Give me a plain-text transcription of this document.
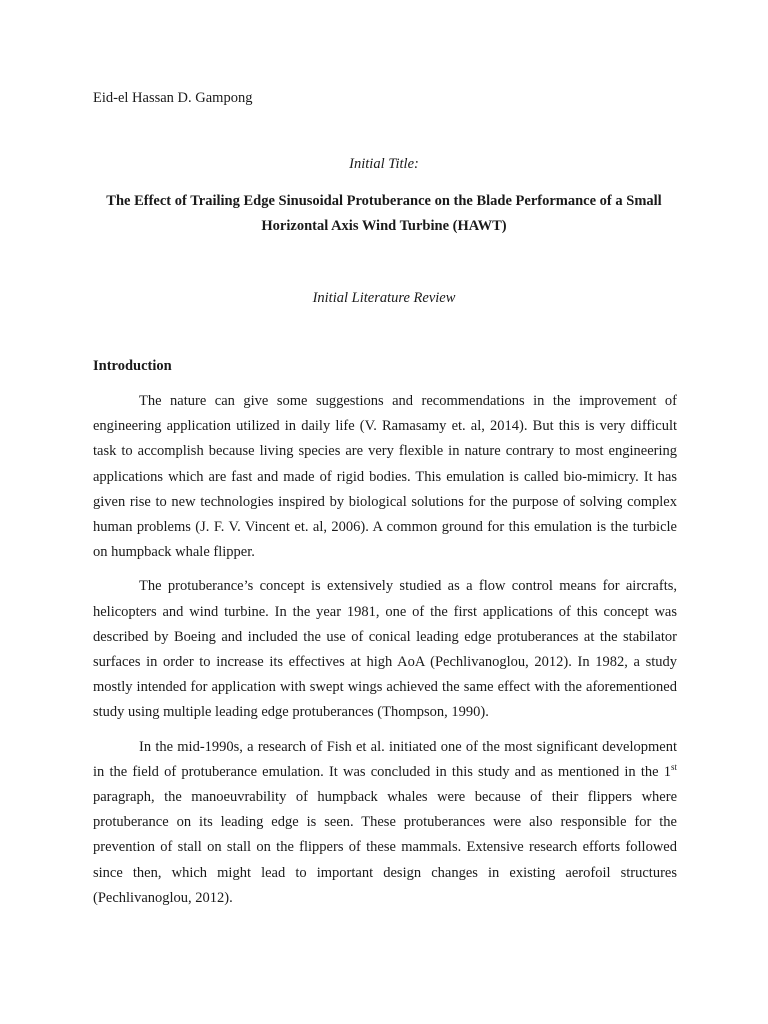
Eid-el Hassan D. Gampong

Initial Title:

The Effect of Trailing Edge Sinusoidal Protuberance on the Blade Performance of a Small Horizontal Axis Wind Turbine (HAWT)

Initial Literature Review

Introduction

The nature can give some suggestions and recommendations in the improvement of engineering application utilized in daily life (V. Ramasamy et. al, 2014). But this is very difficult task to accomplish because living species are very flexible in nature contrary to most engineering applications which are fast and made of rigid bodies. This emulation is called bio-mimicry. It has given rise to new technologies inspired by biological solutions for the purpose of solving complex human problems (J. F. V. Vincent et. al, 2006). A common ground for this emulation is the turbicle on humpback whale flipper.

The protuberance’s concept is extensively studied as a flow control means for aircrafts, helicopters and wind turbine. In the year 1981, one of the first applications of this concept was described by Boeing and included the use of conical leading edge protuberances at the stabilator surfaces in order to increase its effectives at high AoA (Pechlivanoglou, 2012). In 1982, a study mostly intended for application with swept wings achieved the same effect with the aforementioned study using multiple leading edge protuberances (Thompson, 1990).

In the mid-1990s, a research of Fish et al. initiated one of the most significant development in the field of protuberance emulation. It was concluded in this study and as mentioned in the 1st paragraph, the manoeuvrability of humpback whales were because of their flippers where protuberance on its leading edge is seen. These protuberances were also responsible for the prevention of stall on stall on the flippers of these mammals. Extensive research efforts followed since then, which might lead to important design changes in existing aerofoil structures (Pechlivanoglou, 2012).
